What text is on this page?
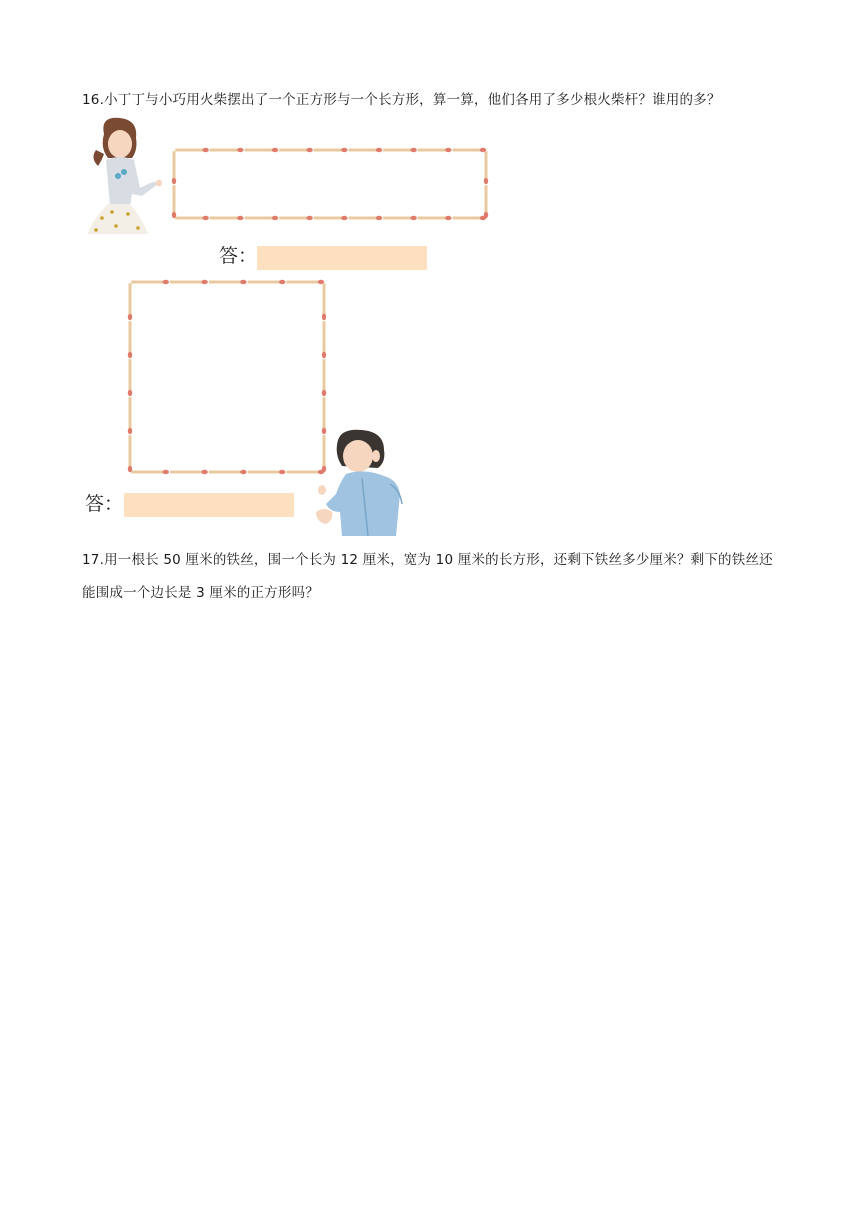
16.小丁丁与小巧用火柴摆出了一个正方形与一个长方形，算一算，他们各用了多少根火柴杆？谁用的多？
答：
答：
17.用一根长 50 厘米的铁丝，围一个长为 12 厘米，宽为 10 厘米的长方形，还剩下铁丝多少厘米？剩下的铁丝还能围成一个边长是 3 厘米的正方形吗？
